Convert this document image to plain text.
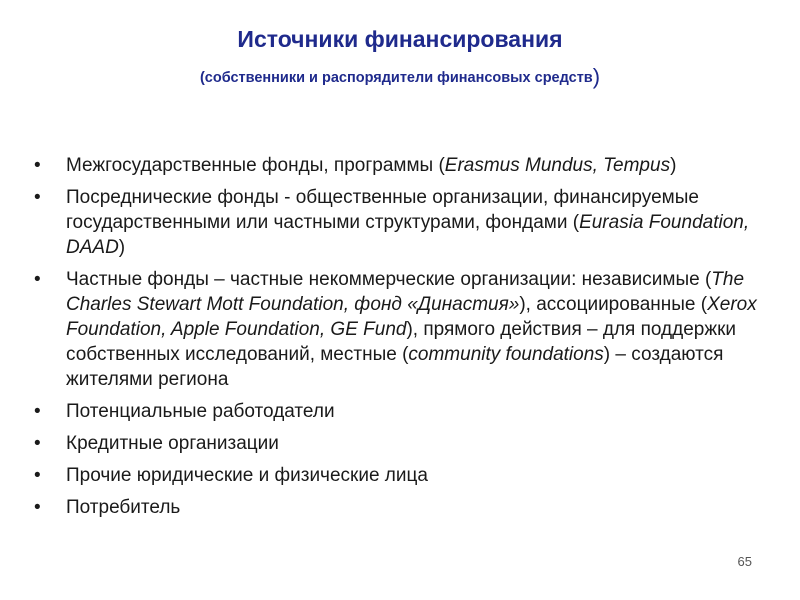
Источники финансирования

(собственники и распорядители финансовых средств)

• Межгосударственные фонды, программы (Erasmus Mundus, Tempus)
• Посреднические фонды - общественные организации, финансируемые государственными или частными структурами, фондами (Eurasia Foundation, DAAD)
• Частные фонды – частные некоммерческие организации: независимые (The Charles Stewart Mott Foundation, фонд «Династия»), ассоциированные (Xerox Foundation, Apple Foundation, GE Fund), прямого действия – для поддержки собственных исследований, местные (community foundations) – создаются жителями региона
• Потенциальные работодатели
• Кредитные организации
• Прочие юридические и физические лица
• Потребитель
65
